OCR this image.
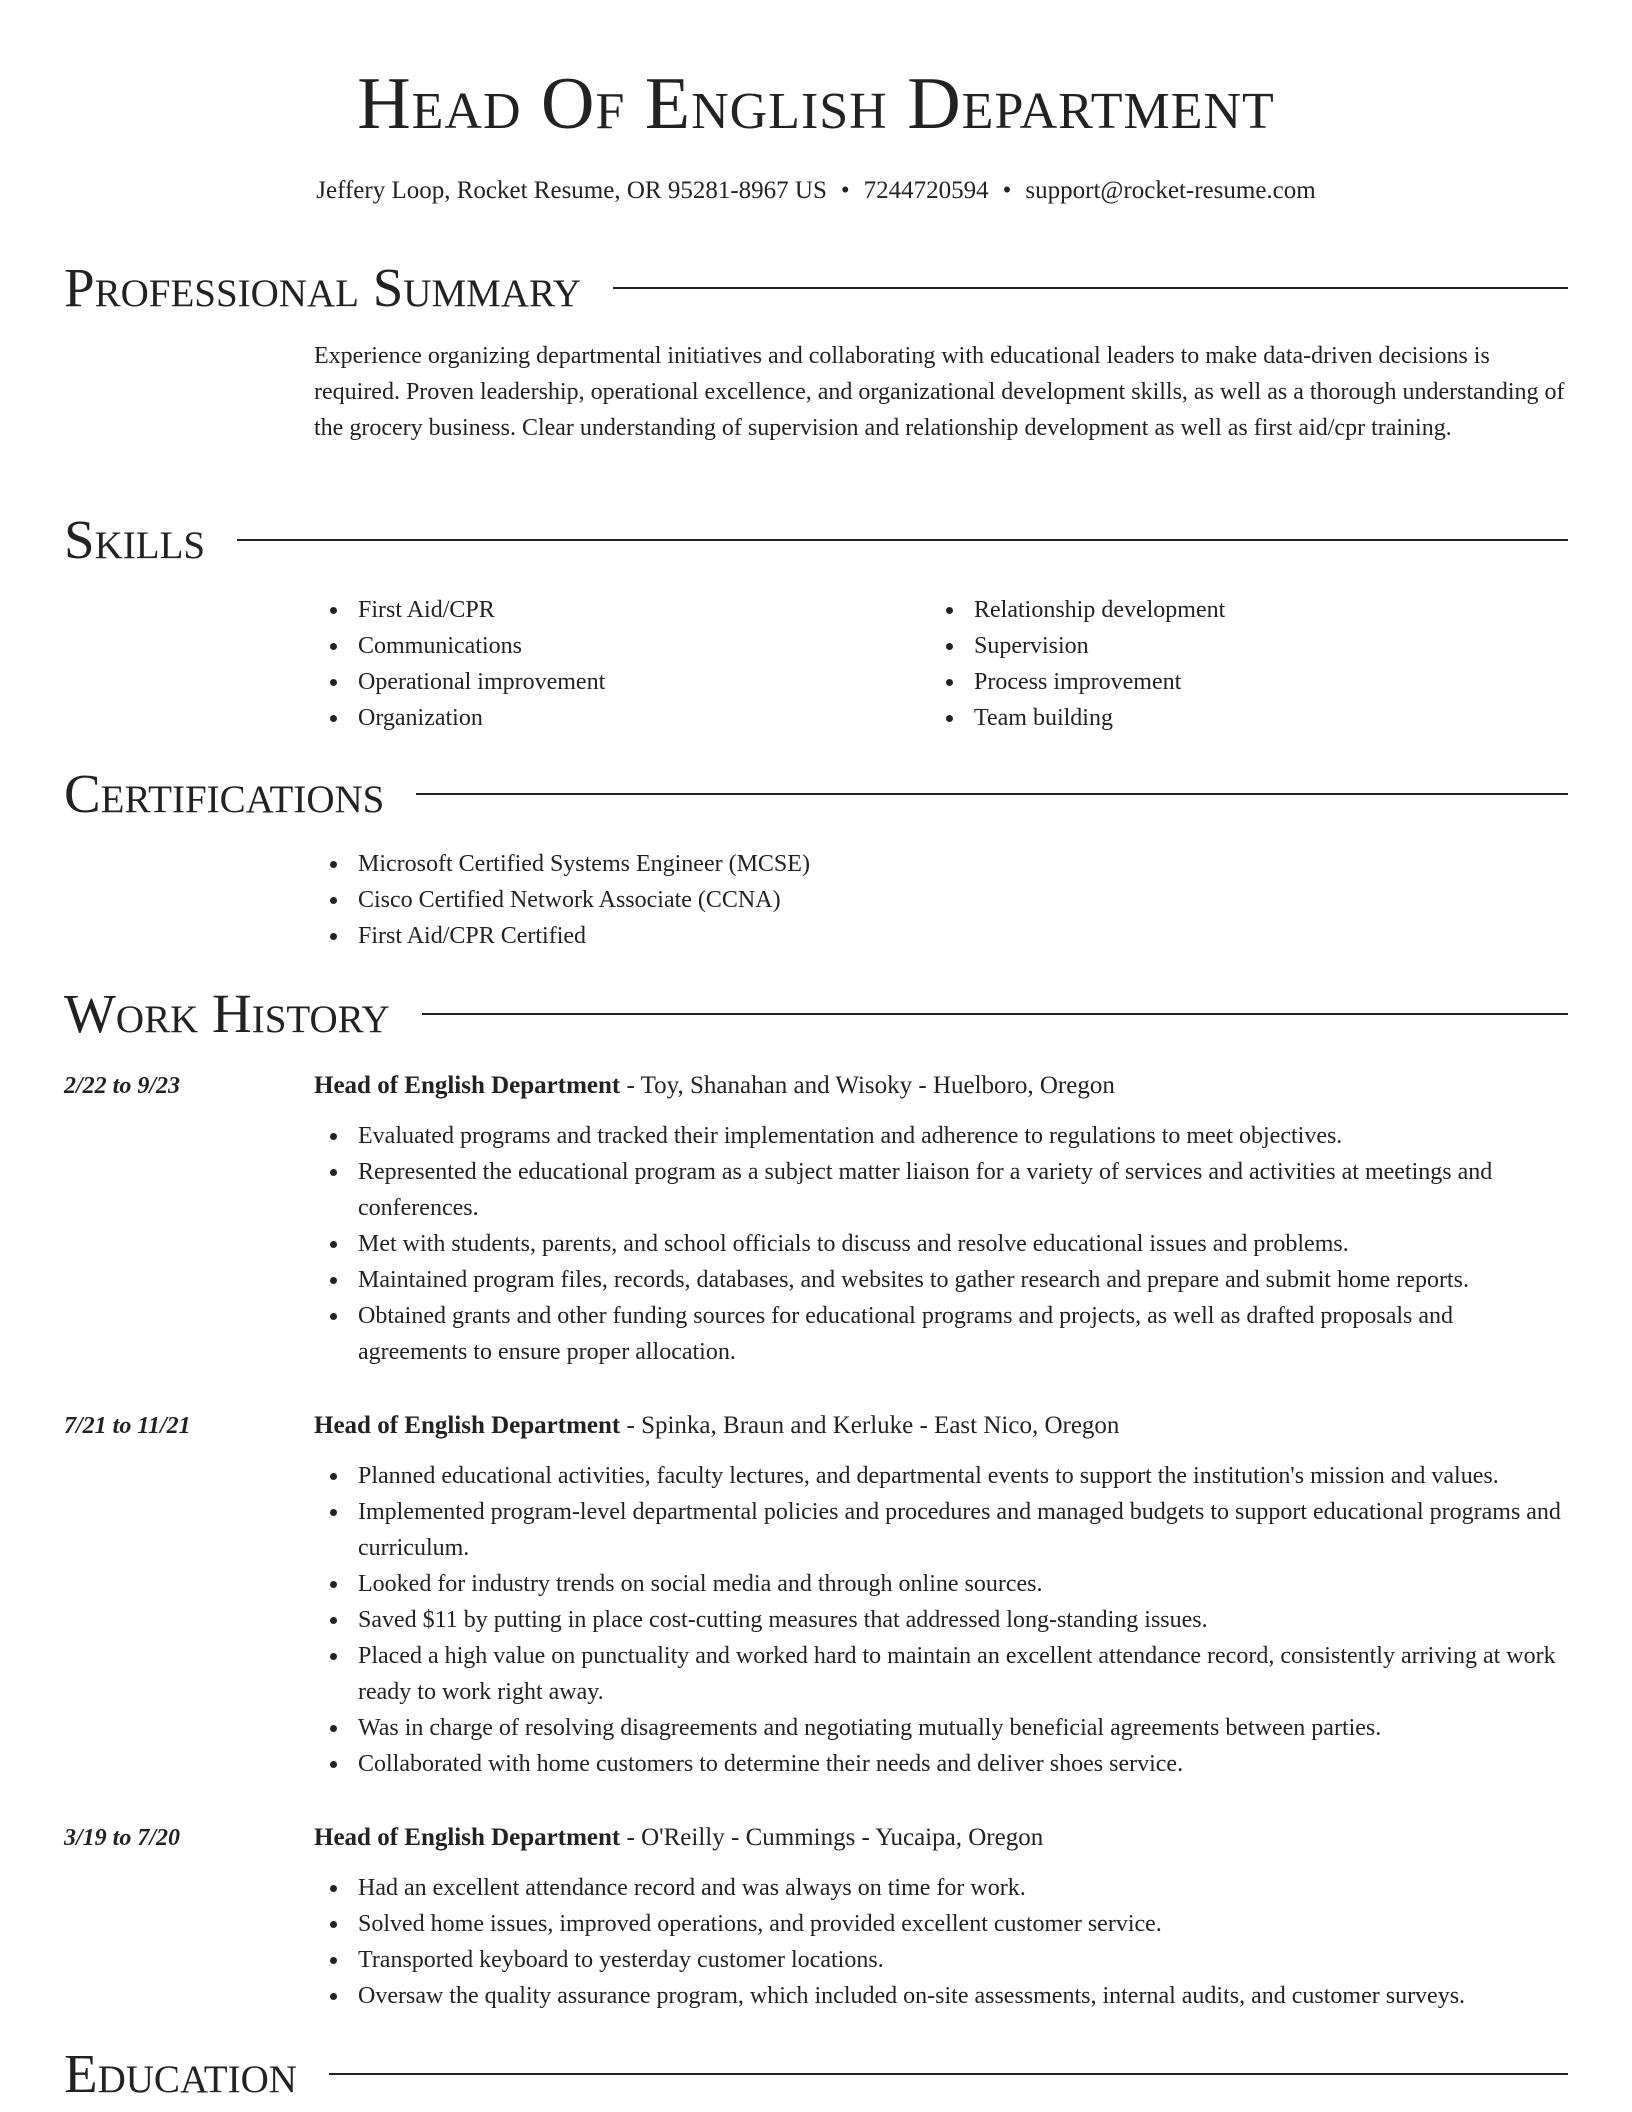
Head Of English Department
Jeffery Loop, Rocket Resume, OR 95281-8967 US • 7244720594 • support@rocket-resume.com
Professional Summary

Experience organizing departmental initiatives and collaborating with educational leaders to make data-driven decisions is required. Proven leadership, operational excellence, and organizational development skills, as well as a thorough understanding of the grocery business. Clear understanding of supervision and relationship development as well as first aid/cpr training.

Skills
First Aid/CPR
Communications
Operational improvement
Organization
Relationship development
Supervision
Process improvement
Team building
Certifications
Microsoft Certified Systems Engineer (MCSE)
Cisco Certified Network Associate (CCNA)
First Aid/CPR Certified
Work History
2/22 to 9/23	Head of English Department - Toy, Shanahan and Wisoky - Huelboro, Oregon
Evaluated programs and tracked their implementation and adherence to regulations to meet objectives.
Represented the educational program as a subject matter liaison for a variety of services and activities at meetings and conferences.
Met with students, parents, and school officials to discuss and resolve educational issues and problems.
Maintained program files, records, databases, and websites to gather research and prepare and submit home reports.
Obtained grants and other funding sources for educational programs and projects, as well as drafted proposals and agreements to ensure proper allocation.
7/21 to 11/21	Head of English Department - Spinka, Braun and Kerluke - East Nico, Oregon
Planned educational activities, faculty lectures, and departmental events to support the institution's mission and values.
Implemented program-level departmental policies and procedures and managed budgets to support educational programs and curriculum.
Looked for industry trends on social media and through online sources.
Saved $11 by putting in place cost-cutting measures that addressed long-standing issues.
Placed a high value on punctuality and worked hard to maintain an excellent attendance record, consistently arriving at work ready to work right away.
Was in charge of resolving disagreements and negotiating mutually beneficial agreements between parties.
Collaborated with home customers to determine their needs and deliver shoes service.
3/19 to 7/20	Head of English Department - O'Reilly - Cummings - Yucaipa, Oregon
Had an excellent attendance record and was always on time for work.
Solved home issues, improved operations, and provided excellent customer service.
Transported keyboard to yesterday customer locations.
Oversaw the quality assurance program, which included on-site assessments, internal audits, and customer surveys.
Education
